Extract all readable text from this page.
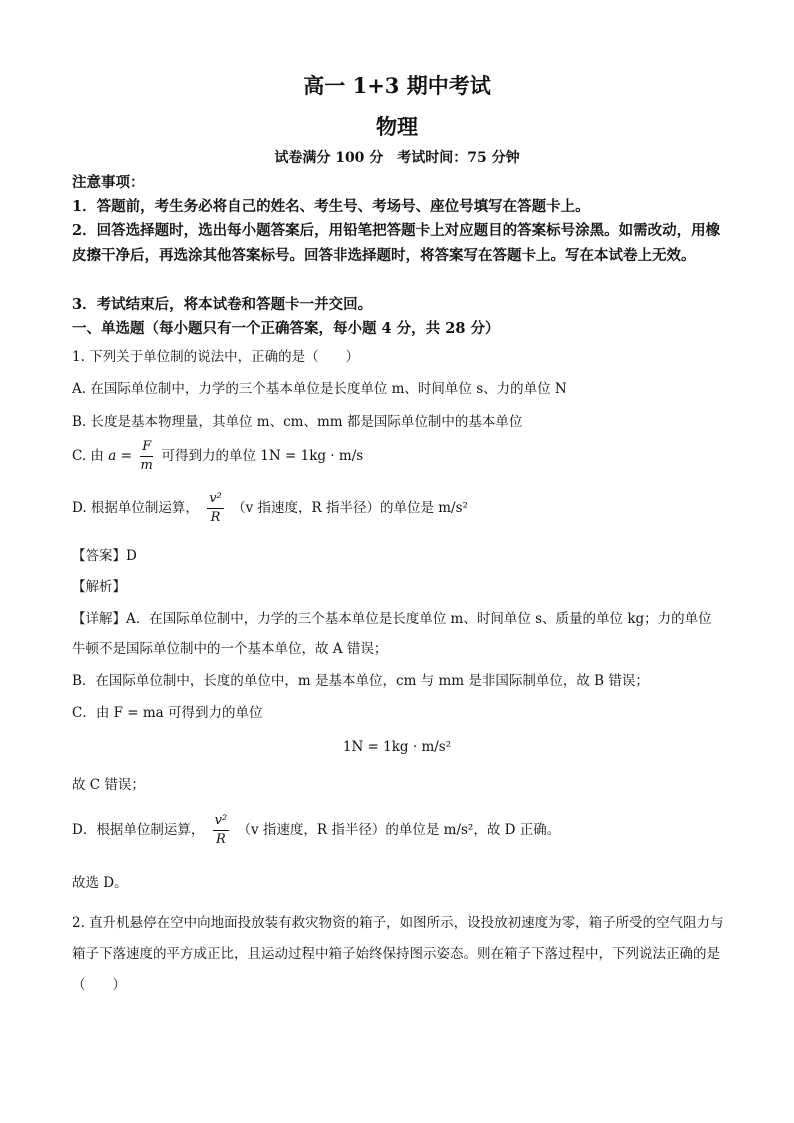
高一 1+3 期中考试
物理
试卷满分 100 分　考试时间：75 分钟
注意事项：
1．答题前，考生务必将自己的姓名、考生号、考场号、座位号填写在答题卡上。
2．回答选择题时，选出每小题答案后，用铅笔把答题卡上对应题目的答案标号涂黑。如需改动，用橡皮擦干净后，再选涂其他答案标号。回答非选择题时，将答案写在答题卡上。写在本试卷上无效。
3．考试结束后，将本试卷和答题卡一并交回。
一、单选题（每小题只有一个正确答案，每小题 4 分，共 28 分）
1. 下列关于单位制的说法中，正确的是（　　）
A. 在国际单位制中，力学的三个基本单位是长度单位 m、时间单位 s、力的单位 N
B. 长度是基本物理量，其单位 m、cm、mm 都是国际单位制中的基本单位
C. 由 $a = \frac{F}{m}$ 可得到力的单位 1N = 1kg · m/s
D. 根据单位制运算， $\frac{\text{v²}}{R} (v$ 指速度，R 指半径）的单位是 m/s²
【答案】D
【解析】
【详解】A．在国际单位制中，力学的三个基本单位是长度单位 m、时间单位 s、质量的单位 kg；力的单位牛顿不是国际单位制中的一个基本单位，故 A 错误；
B．在国际单位制中，长度的单位中，m 是基本单位，cm 与 mm 是非国际制单位，故 B 错误；
C．由 F = ma 可得到力的单位
1N = 1kg · m/s²
故 C 错误；
D．根据单位制运算， $\frac{\text{v²}}{R} (v$ 指速度，R 指半径）的单位是 m/s²，故 D 正确。
故选 D。
2. 直升机悬停在空中向地面投放装有救灾物资的箱子，如图所示，设投放初速度为零，箱子所受的空气阻力与箱子下落速度的平方成正比，且运动过程中箱子始终保持图示姿态。则在箱子下落过程中，下列说法正确的是（　　）
